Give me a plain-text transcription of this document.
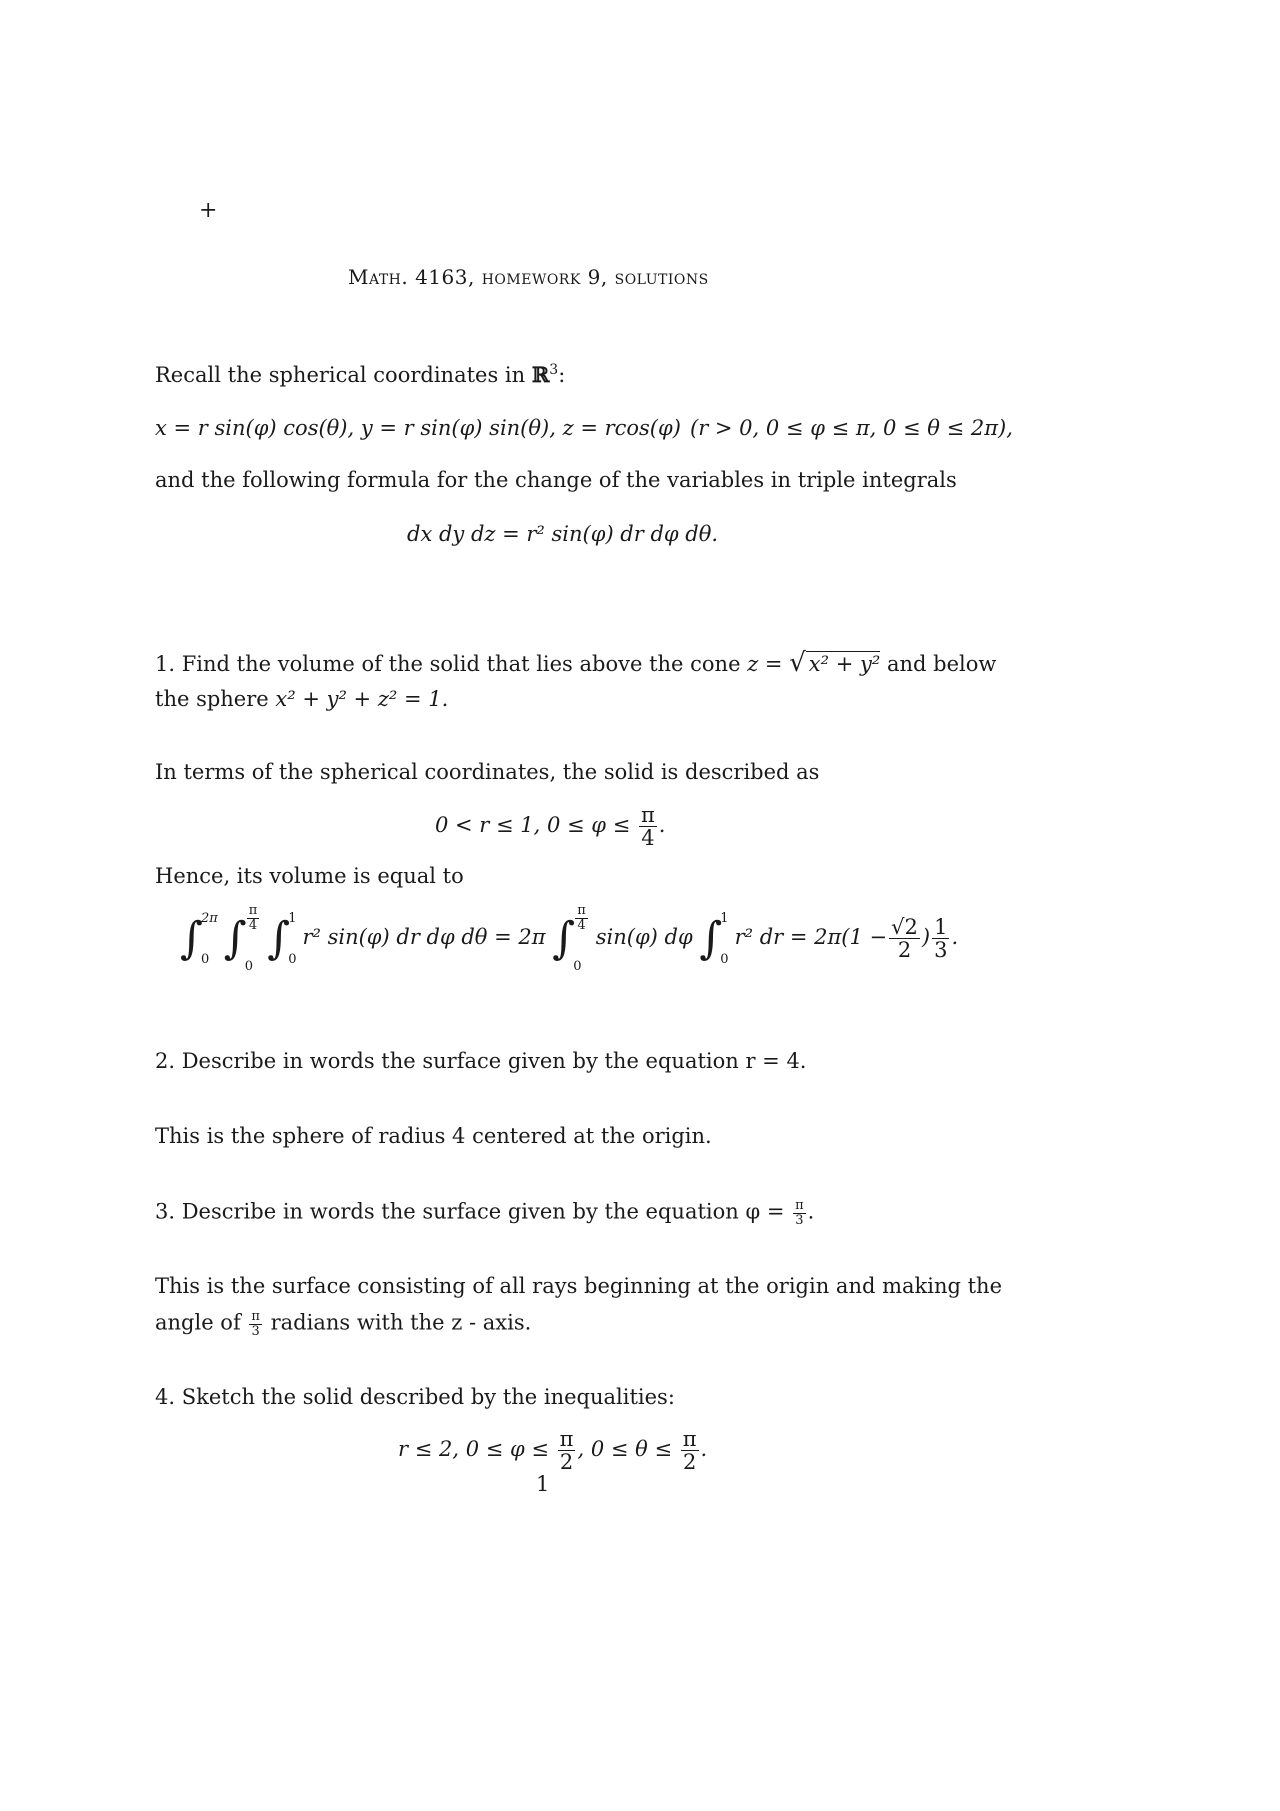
+
Math. 4163, homework 9, solutions
Recall the spherical coordinates in ℝ$^3$:
x = r sin(φ) cos(θ), y = r sin(φ) sin(θ), z = rcos(φ) (r > 0, 0 ≤ φ ≤ π, 0 ≤ θ ≤ 2π),
and the following formula for the change of the variables in triple integrals
dx dy dz = r² sin(φ) dr dφ dθ.
1. Find the volume of the solid that lies above the cone z = √ x² + y² and below
the sphere x² + y² + z² = 1.
In terms of the spherical coordinates, the solid is described as
0 < r ≤ 1, $0 \le \varphi \le \frac{\pi}{4}$ .
Hence, its volume is equal to
∫
2π
0 ∫ $\frac{\pi}{4}$
0
∫
1
0
r² sin(φ) dr dφ dθ = 2π ∫ $\frac{\pi}{4}$
0
sin(φ) dφ ∫
1
0
r² dr = $2\pi(1 - \frac{√2}{2}$ ) $\frac{1}{3}$ .
2. Describe in words the surface given by the equation r = 4.
This is the sphere of radius 4 centered at the origin.
3. Describe in words the surface given by the equation $\varphi = \frac{\pi}{3}$ .
This is the surface consisting of all rays beginning at the origin and making the
angle of $\frac{\pi}{3}$ radians with the z - axis.
4. Sketch the solid described by the inequalities:
r ≤ 2, $0 \le \varphi \le \frac{\pi}{2}$ , $0 \le \theta \le \frac{\pi}{2}$ .
1
